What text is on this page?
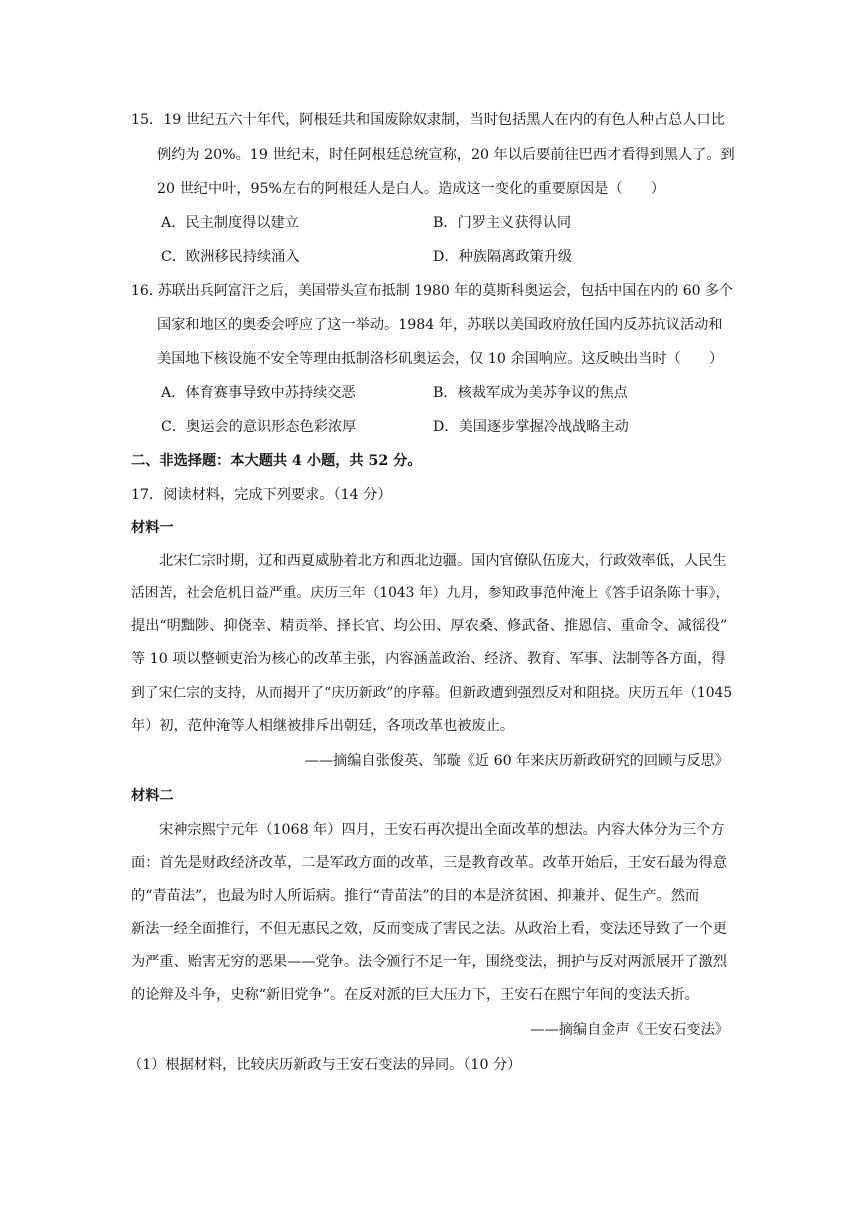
15．19 世纪五六十年代，阿根廷共和国废除奴隶制，当时包括黑人在内的有色人种占总人口比
例约为 20%。19 世纪末，时任阿根廷总统宣称，20 年以后要前往巴西才看得到黑人了。到
20 世纪中叶，95%左右的阿根廷人是白人。造成这一变化的重要原因是（　　）
A．民主制度得以建立	B．门罗主义获得认同
C．欧洲移民持续涌入	D．种族隔离政策升级
16. 苏联出兵阿富汗之后，美国带头宣布抵制 1980 年的莫斯科奥运会，包括中国在内的 60 多个
国家和地区的奥委会呼应了这一举动。1984 年，苏联以美国政府放任国内反苏抗议活动和
美国地下核设施不安全等理由抵制洛杉矶奥运会，仅 10 余国响应。这反映出当时（　　）
A．体育赛事导致中苏持续交恶	B．核裁军成为美苏争议的焦点
C．奥运会的意识形态色彩浓厚	D．美国逐步掌握冷战战略主动
二、非选择题：本大题共 4 小题，共 52 分。
17．阅读材料，完成下列要求。（14 分）
材料一
北宋仁宗时期，辽和西夏威胁着北方和西北边疆。国内官僚队伍庞大，行政效率低，人民生
活困苦，社会危机日益严重。庆历三年（1043 年）九月，参知政事范仲淹上《答手诏条陈十事》，
提出“明黜陟、抑侥幸、精贡举、择长官、均公田、厚农桑、修武备、推恩信、重命令、减徭役”
等 10 项以整顿吏治为核心的改革主张，内容涵盖政治、经济、教育、军事、法制等各方面，得
到了宋仁宗的支持，从而揭开了“庆历新政”的序幕。但新政遭到强烈反对和阻挠。庆历五年（1045
年）初，范仲淹等人相继被排斥出朝廷，各项改革也被废止。
——摘编自张俊英、邹璇《近 60 年来庆历新政研究的回顾与反思》
材料二
宋神宗熙宁元年（1068 年）四月，王安石再次提出全面改革的想法。内容大体分为三个方
面：首先是财政经济改革，二是军政方面的改革，三是教育改革。改革开始后，王安石最为得意
的“青苗法”，也最为时人所诟病。推行“青苗法”的目的本是济贫困、抑兼并、促生产。然而
新法一经全面推行，不但无惠民之效，反而变成了害民之法。从政治上看，变法还导致了一个更
为严重、贻害无穷的恶果——党争。法令颁行不足一年，围绕变法，拥护与反对两派展开了激烈
的论辩及斗争，史称“新旧党争”。在反对派的巨大压力下，王安石在熙宁年间的变法夭折。
——摘编自金声《王安石变法》
（1）根据材料，比较庆历新政与王安石变法的异同。（10 分）
